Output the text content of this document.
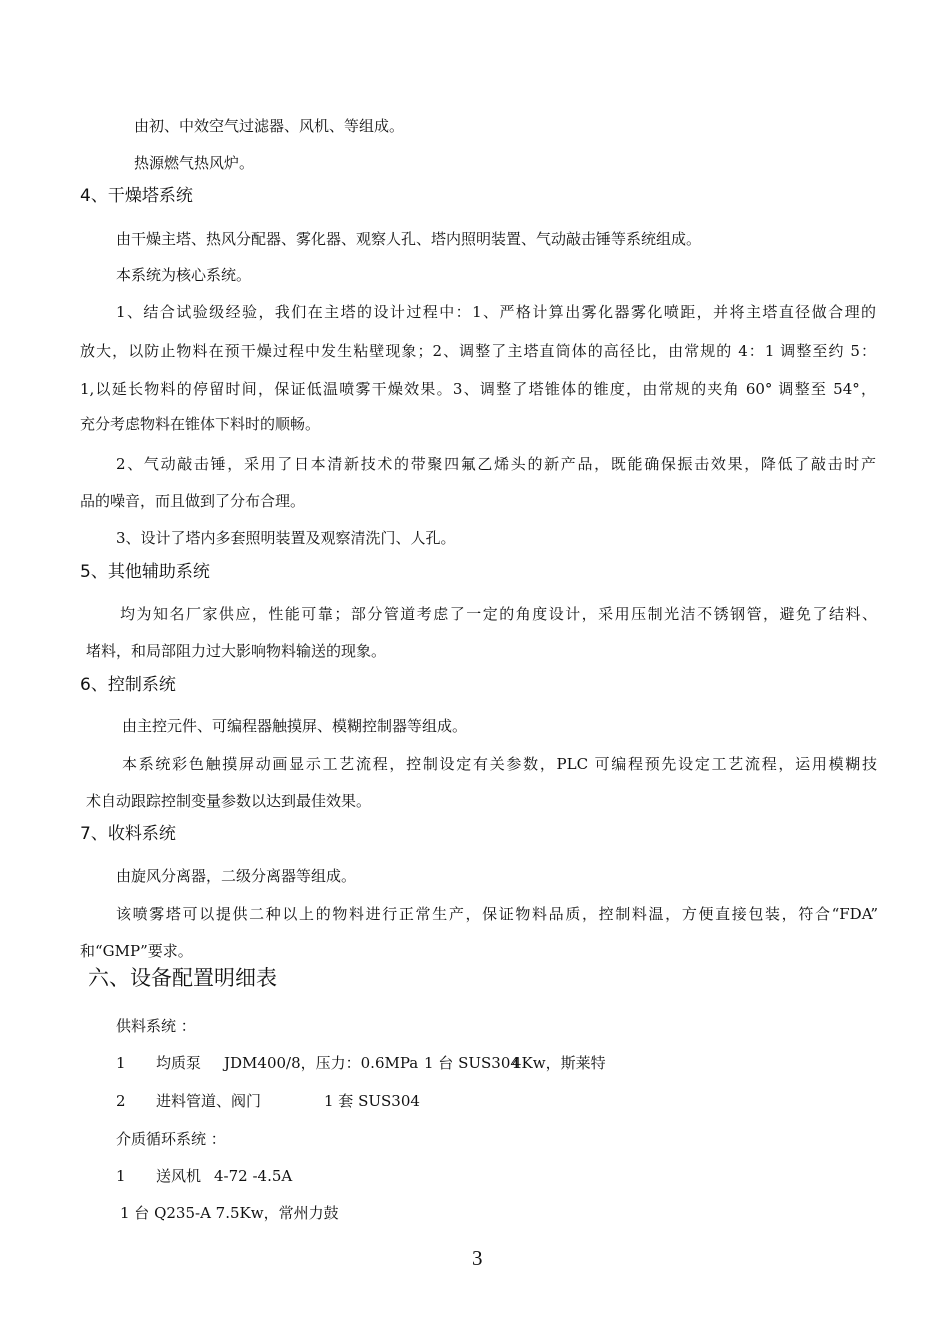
由初、中效空气过滤器、风机、等组成。
热源燃气热风炉。
4、干燥塔系统
由干燥主塔、热风分配器、雾化器、观察人孔、塔内照明装置、气动敲击锤等系统组成。
本系统为核心系统。
1、结合试验级经验，我们在主塔的设计过程中：1、严格计算出雾化器雾化喷距，并将主塔直径做合理的
放大，以防止物料在预干燥过程中发生粘壁现象；2、调整了主塔直筒体的高径比，由常规的 4：1 调整至约 5：
1,以延长物料的停留时间，保证低温喷雾干燥效果。3、调整了塔锥体的锥度，由常规的夹角 60° 调整至 54°，
充分考虑物料在锥体下料时的顺畅。
2、气动敲击锤，采用了日本清新技术的带聚四氟乙烯头的新产品，既能确保振击效果，降低了敲击时产
品的噪音，而且做到了分布合理。
3、设计了塔内多套照明装置及观察清洗门、人孔。
5、其他辅助系统
均为知名厂家供应，性能可靠；部分管道考虑了一定的角度设计，采用压制光洁不锈钢管，避免了结料、
堵料，和局部阻力过大影响物料输送的现象。
6、控制系统
由主控元件、可编程器触摸屏、模糊控制器等组成。
本系统彩色触摸屏动画显示工艺流程，控制设定有关参数，PLC 可编程预先设定工艺流程，运用模糊技
术自动跟踪控制变量参数以达到最佳效果。
7、收料系统
由旋风分离器，二级分离器等组成。
该喷雾塔可以提供二种以上的物料进行正常生产，保证物料品质，控制料温，方便直接包装，符合“FDA”
和“GMP”要求。
六、设备配置明细表
供料系统 ：
1 均质泵 JDM400/8，压力：0.6MPa 1 台 SUS3044Kw，斯莱特
2 进料管道、阀门	1 套 SUS304
介质循环系统 ：
1 送风机 4-72 -4.5A
1 台 Q235-A 7.5Kw，常州力鼓
3
